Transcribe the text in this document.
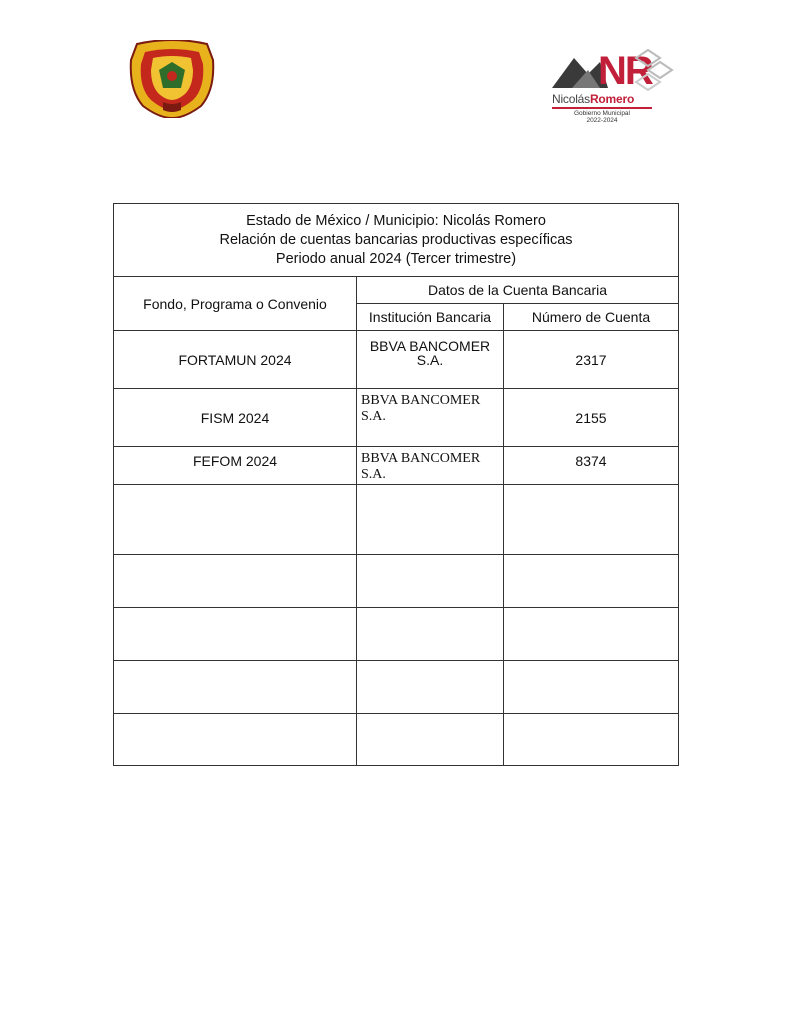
NR
NicolásRomero
Gobierno Municipal
2022-2024
Estado de México / Municipio: Nicolás Romero
Relación de cuentas bancarias productivas específicas
Periodo anual 2024 (Tercer trimestre)		

Fondo, Programa o Convenio	Datos de la Cuenta Bancaria	
	Institución Bancaria	Número de Cuenta
FORTAMUN 2024	BBVA BANCOMER S.A.	2317
FISM 2024	BBVA BANCOMER S.A.	2155
FEFOM 2024	BBVA BANCOMER S.A.	8374
